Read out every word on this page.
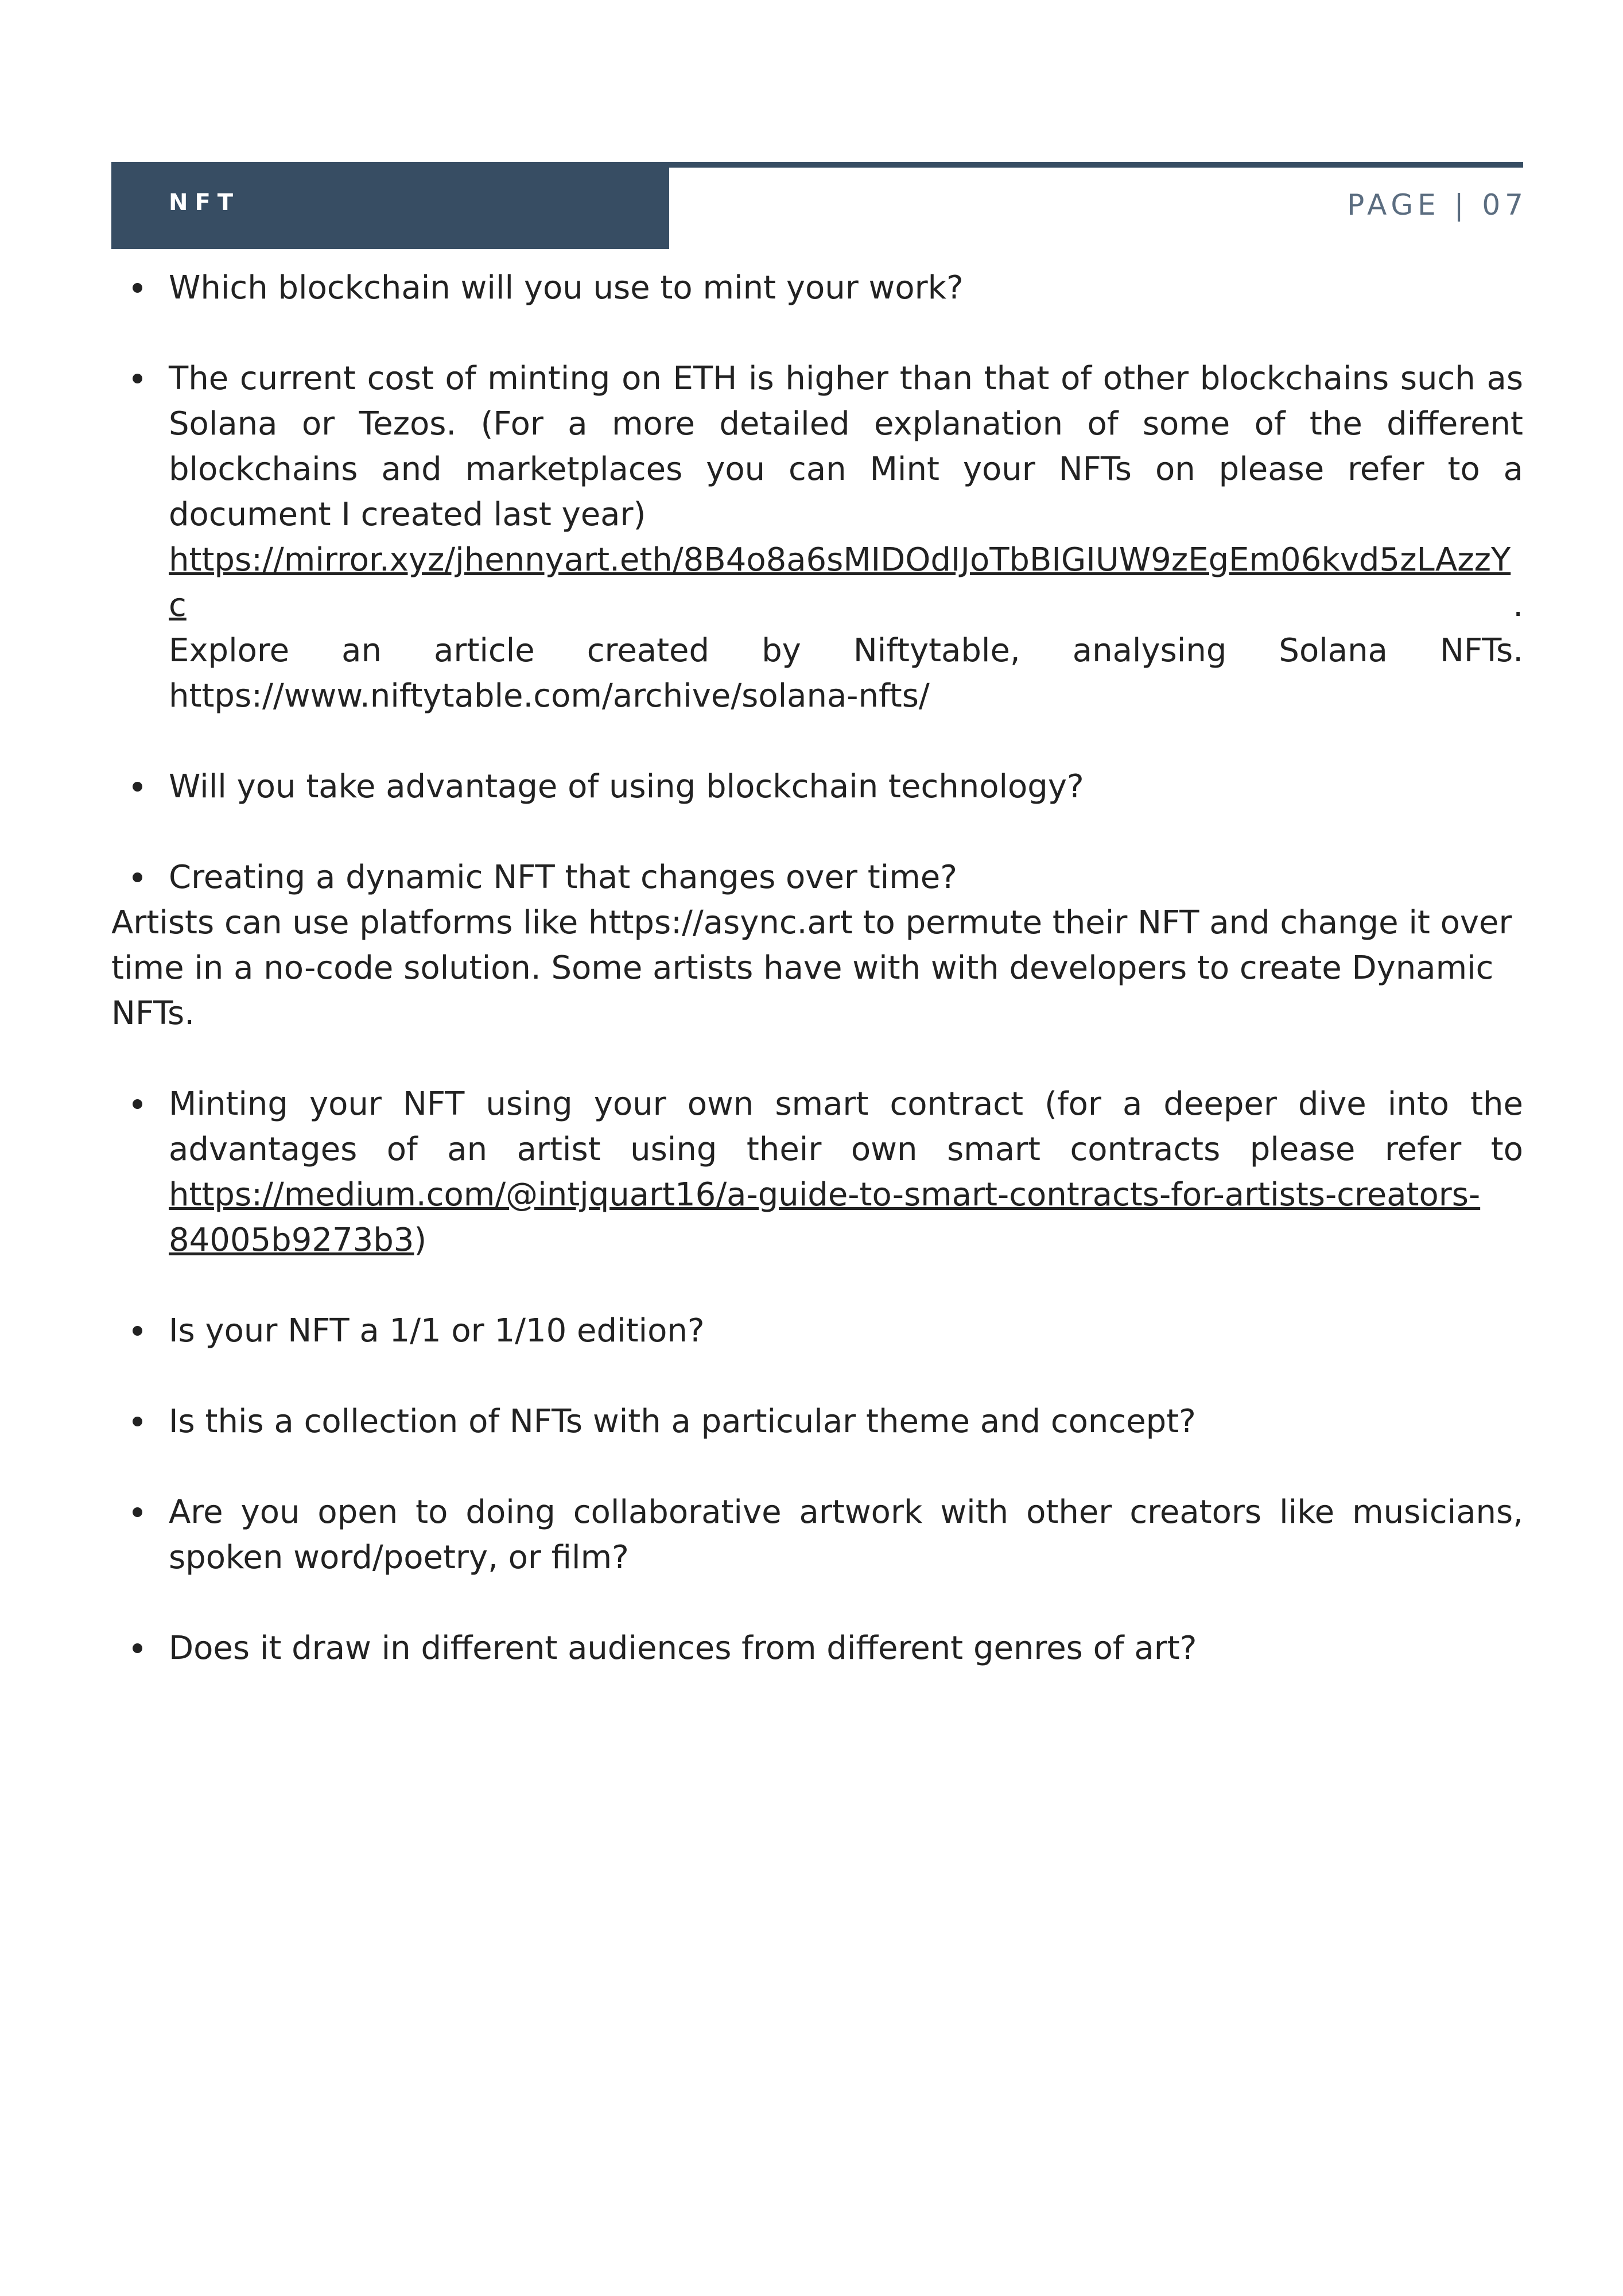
NFT	PAGE | 07
Which blockchain will you use to mint your work?
The current cost of minting on ETH is higher than that of other blockchains such as Solana or Tezos. (For a more detailed explanation of some of the different blockchains and marketplaces you can Mint your NFTs on please refer to a document I created last year)
https://mirror.xyz/jhennyart.eth/8B4o8a6sMIDOdIJoTbBIGIUW9zEgEm06kvd5zLAzzYc	.
Explore an article created by Niftytable, analysing Solana NFTs.
https://www.niftytable.com/archive/solana-nfts/
Will you take advantage of using blockchain technology?
Creating a dynamic NFT that changes over time?

Artists can use platforms like https://async.art to permute their NFT and change it over time in a no-code solution. Some artists have with with developers to create Dynamic NFTs.

Minting your NFT using your own smart contract (for a deeper dive into the advantages of an artist using their own smart contracts please refer to https://medium.com/@intjquart16/a-guide-to-smart-contracts-for-artists-creators-84005b9273b3)
Is your NFT a 1/1 or 1/10 edition?
Is this a collection of NFTs with a particular theme and concept?
Are you open to doing collaborative artwork with other creators like musicians, spoken word/poetry, or film?
Does it draw in different audiences from different genres of art?
